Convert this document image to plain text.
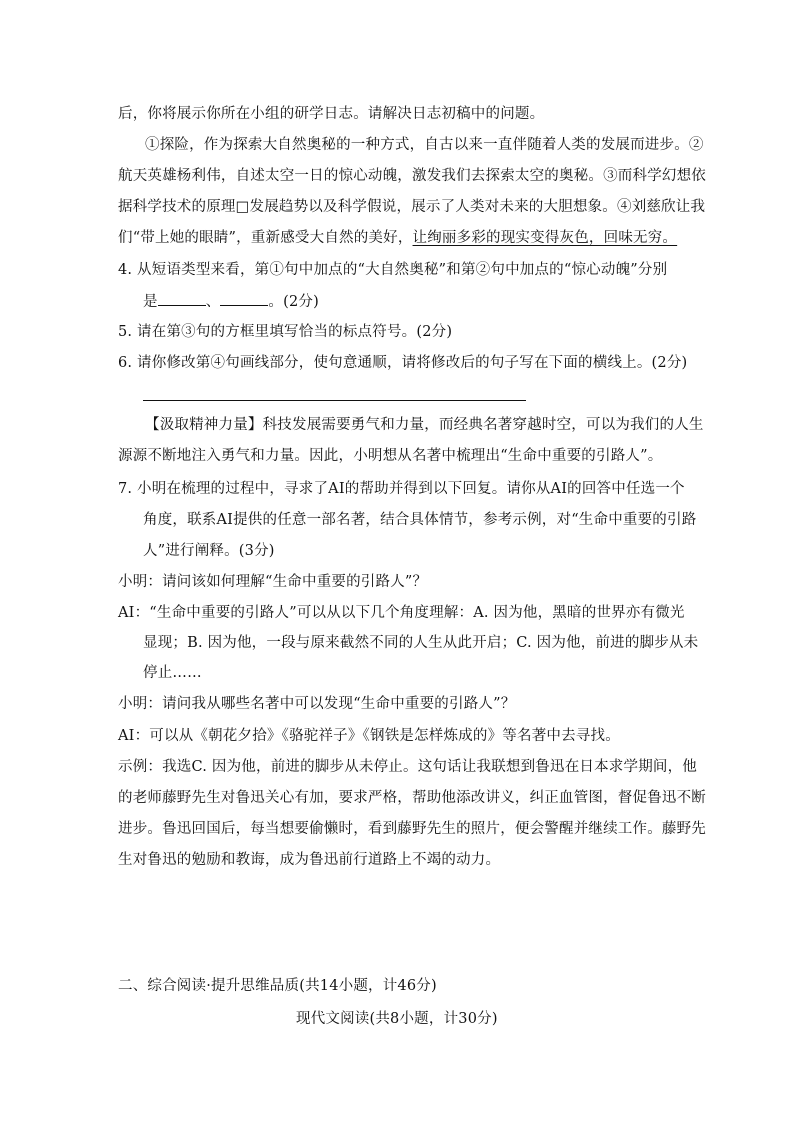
后，你将展示你所在小组的研学日志。请解决日志初稿中的问题。
①探险，作为探索大自然奥秘的一种方式，自古以来一直伴随着人类的发展而进步。②
航天英雄杨利伟，自述太空一日的惊心动魄，激发我们去探索太空的奥秘。③而科学幻想依
据科学技术的原理□发展趋势以及科学假说，展示了人类对未来的大胆想象。④刘慈欣让我
们“带上她的眼睛”，重新感受大自然的美好，让绚丽多彩的现实变得灰色，回味无穷。
4. 从短语类型来看，第①句中加点的“大自然奥秘”和第②句中加点的“惊心动魄”分别
是	、	。(2分)
5. 请在第③句的方框里填写恰当的标点符号。(2分)
6. 请你修改第④句画线部分，使句意通顺，请将修改后的句子写在下面的横线上。(2分)
【汲取精神力量】科技发展需要勇气和力量，而经典名著穿越时空，可以为我们的人生
源源不断地注入勇气和力量。因此，小明想从名著中梳理出“生命中重要的引路人”。
7. 小明在梳理的过程中，寻求了AI的帮助并得到以下回复。请你从AI的回答中任选一个
角度，联系AI提供的任意一部名著，结合具体情节，参考示例，对“生命中重要的引路
人”进行阐释。(3分)
小明：请问该如何理解“生命中重要的引路人”？
AI：“生命中重要的引路人”可以从以下几个角度理解：A. 因为他，黑暗的世界亦有微光
显现；B. 因为他，一段与原来截然不同的人生从此开启；C. 因为他，前进的脚步从未
停止……
小明：请问我从哪些名著中可以发现“生命中重要的引路人”？
AI：可以从《朝花夕拾》《骆驼祥子》《钢铁是怎样炼成的》等名著中去寻找。
示例：我选C. 因为他，前进的脚步从未停止。这句话让我联想到鲁迅在日本求学期间，他
的老师藤野先生对鲁迅关心有加，要求严格，帮助他添改讲义，纠正血管图，督促鲁迅不断
进步。鲁迅回国后，每当想要偷懒时，看到藤野先生的照片，便会警醒并继续工作。藤野先
生对鲁迅的勉励和教诲，成为鲁迅前行道路上不竭的动力。
二、综合阅读·提升思维品质(共14小题，计46分)
现代文阅读(共8小题，计30分)
